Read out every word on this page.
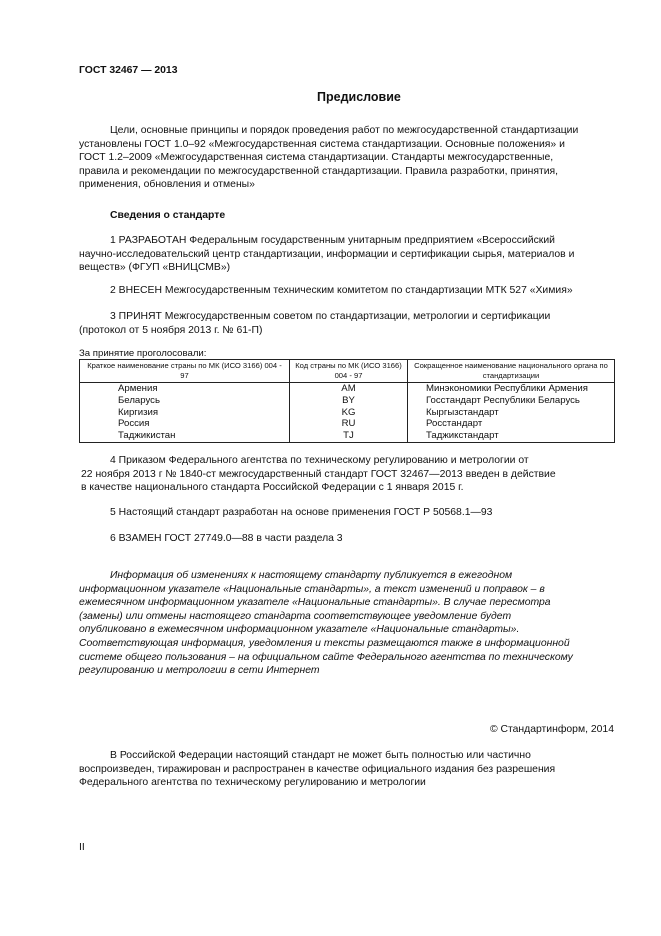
ГОСТ 32467 — 2013
Предисловие
Цели, основные принципы и порядок проведения работ по межгосударственной стандартизации
установлены ГОСТ 1.0–92 «Межгосударственная система стандартизации. Основные положения» и
ГОСТ 1.2–2009 «Межгосударственная система стандартизации. Стандарты межгосударственные,
правила и рекомендации по межгосударственной стандартизации. Правила разработки, принятия,
применения, обновления и отмены»
Сведения о стандарте
1 РАЗРАБОТАН Федеральным государственным унитарным предприятием «Всероссийский
научно-исследовательский центр стандартизации, информации и сертификации сырья, материалов и
веществ» (ФГУП «ВНИЦСМВ»)
2 ВНЕСЕН Межгосударственным техническим комитетом по стандартизации МТК 527 «Химия»
3 ПРИНЯТ Межгосударственным советом по стандартизации, метрологии и сертификации
(протокол от 5 ноября 2013 г. № 61-П)
За принятие проголосовали:
Краткое наименование страны по МК (ИСО 3166) 004 - 97	Код страны по МК (ИСО 3166) 004 - 97	Сокращенное наименование национального органа по стандартизации
Армения	AM	Минэкономики Республики Армения
Беларусь	BY	Госстандарт Республики Беларусь
Киргизия	KG	Кыргызстандарт
Россия	RU	Росстандарт
Таджикистан	TJ	Таджикстандарт
4 Приказом Федерального агентства по техническому регулированию и метрологии от
22 ноября 2013 г № 1840-ст межгосударственный стандарт ГОСТ 32467—2013 введен в действие
в качестве национального стандарта Российской Федерации с 1 января 2015 г.
5 Настоящий стандарт разработан на основе применения ГОСТ Р 50568.1—93
6 ВЗАМЕН ГОСТ 27749.0—88 в части раздела 3
Информация об изменениях к настоящему стандарту публикуется в ежегодном
информационном указателе «Национальные стандарты», а текст изменений и поправок – в
ежемесячном информационном указателе «Национальные стандарты». В случае пересмотра
(замены) или отмены настоящего стандарта соответствующее уведомление будет
опубликовано в ежемесячном информационном указателе «Национальные стандарты».
Соответствующая информация, уведомления и тексты размещаются также в информационной
системе общего пользования – на официальном сайте Федерального агентства по техническому
регулированию и метрологии в сети Интернет
© Стандартинформ, 2014
В Российской Федерации настоящий стандарт не может быть полностью или частично
воспроизведен, тиражирован и распространен в качестве официального издания без разрешения
Федерального агентства по техническому регулированию и метрологии
II
